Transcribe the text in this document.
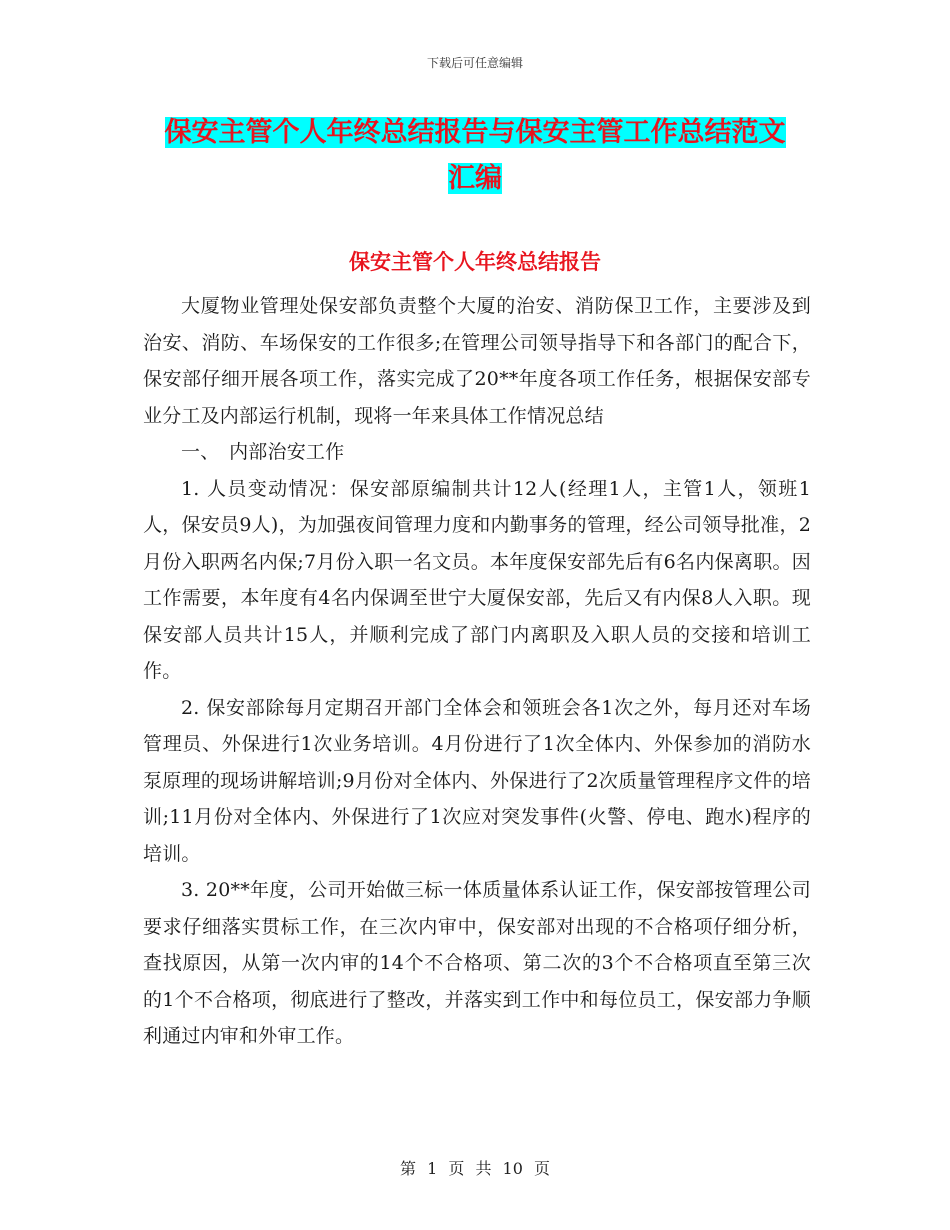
下载后可任意编辑
保安主管个人年终总结报告与保安主管工作总结范文
汇编
保安主管个人年终总结报告

大厦物业管理处保安部负责整个大厦的治安、消防保卫工作，主要涉及到治安、消防、车场保安的工作很多;在管理公司领导指导下和各部门的配合下，保安部仔细开展各项工作，落实完成了20**年度各项工作任务，根据保安部专业分工及内部运行机制，现将一年来具体工作情况总结

一、　内部治安工作

1. 人员变动情况：保安部原编制共计12人(经理1人，主管1人，领班1人，保安员9人)，为加强夜间管理力度和内勤事务的管理，经公司领导批准，2月份入职两名内保;7月份入职一名文员。本年度保安部先后有6名内保离职。因工作需要，本年度有4名内保调至世宁大厦保安部，先后又有内保8人入职。现保安部人员共计15人，并顺利完成了部门内离职及入职人员的交接和培训工作。

2. 保安部除每月定期召开部门全体会和领班会各1次之外，每月还对车场管理员、外保进行1次业务培训。4月份进行了1次全体内、外保参加的消防水泵原理的现场讲解培训;9月份对全体内、外保进行了2次质量管理程序文件的培训;11月份对全体内、外保进行了1次应对突发事件(火警、停电、跑水)程序的培训。

3. 20**年度，公司开始做三标一体质量体系认证工作，保安部按管理公司要求仔细落实贯标工作，在三次内审中，保安部对出现的不合格项仔细分析，查找原因，从第一次内审的14个不合格项、第二次的3个不合格项直至第三次的1个不合格项，彻底进行了整改，并落实到工作中和每位员工，保安部力争顺利通过内审和外审工作。

第 1 页 共 10 页
